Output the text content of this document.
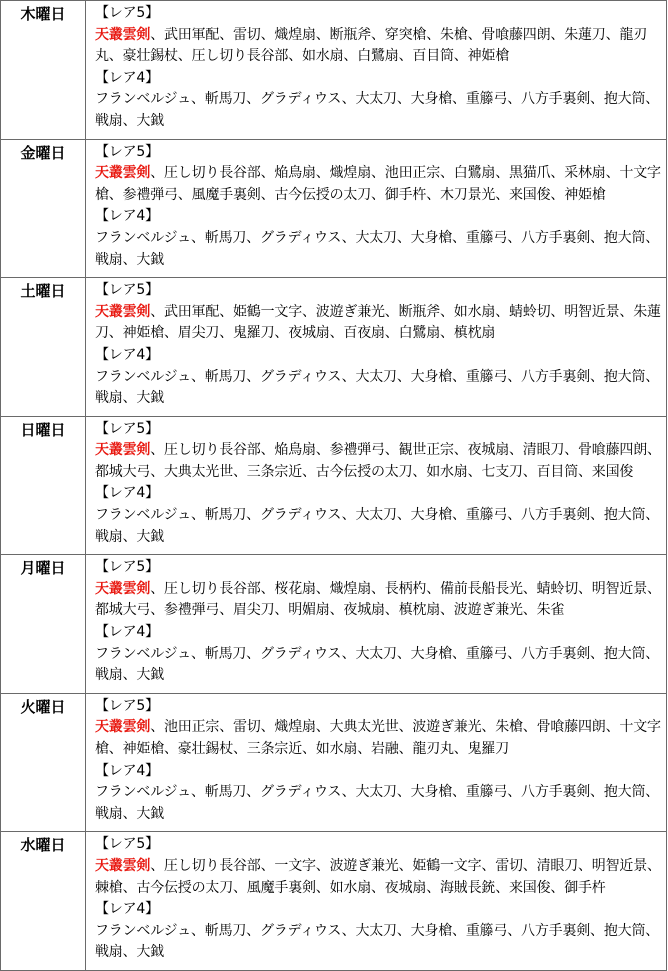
木曜日	【レア5】
天叢雲剣、武田軍配、雷切、熾煌扇、断瓶斧、穿突槍、朱槍、骨喰藤四朗、朱蓮刀、龍刃丸、豪壮錫杖、圧し切り長谷部、如水扇、白鷺扇、百目筒、神姫槍
【レア4】
フランベルジュ、斬馬刀、グラディウス、大太刀、大身槍、重籐弓、八方手裏剣、抱大筒、戦扇、大鉞

金曜日	【レア5】
天叢雲剣、圧し切り長谷部、焔鳥扇、熾煌扇、池田正宗、白鷺扇、黒猫爪、采林扇、十文字槍、参禮弾弓、風魔手裏剣、古今伝授の太刀、御手杵、木刀景光、来国俊、神姫槍
【レア4】
フランベルジュ、斬馬刀、グラディウス、大太刀、大身槍、重籐弓、八方手裏剣、抱大筒、戦扇、大鉞

土曜日	【レア5】
天叢雲剣、武田軍配、姫鶴一文字、波遊ぎ兼光、断瓶斧、如水扇、蜻蛉切、明智近景、朱蓮刀、神姫槍、眉尖刀、鬼羅刀、夜城扇、百夜扇、白鷺扇、槙枕扇
【レア4】
フランベルジュ、斬馬刀、グラディウス、大太刀、大身槍、重籐弓、八方手裏剣、抱大筒、戦扇、大鉞

日曜日	【レア5】
天叢雲剣、圧し切り長谷部、焔鳥扇、参禮弾弓、観世正宗、夜城扇、清眼刀、骨喰藤四朗、都城大弓、大典太光世、三条宗近、古今伝授の太刀、如水扇、七支刀、百目筒、来国俊
【レア4】
フランベルジュ、斬馬刀、グラディウス、大太刀、大身槍、重籐弓、八方手裏剣、抱大筒、戦扇、大鉞

月曜日	【レア5】
天叢雲剣、圧し切り長谷部、桜花扇、熾煌扇、長柄杓、備前長船長光、蜻蛉切、明智近景、都城大弓、参禮弾弓、眉尖刀、明媚扇、夜城扇、槙枕扇、波遊ぎ兼光、朱雀
【レア4】
フランベルジュ、斬馬刀、グラディウス、大太刀、大身槍、重籐弓、八方手裏剣、抱大筒、戦扇、大鉞

火曜日	【レア5】
天叢雲剣、池田正宗、雷切、熾煌扇、大典太光世、波遊ぎ兼光、朱槍、骨喰藤四朗、十文字槍、神姫槍、豪壮錫杖、三条宗近、如水扇、岩融、龍刃丸、鬼羅刀
【レア4】
フランベルジュ、斬馬刀、グラディウス、大太刀、大身槍、重籐弓、八方手裏剣、抱大筒、戦扇、大鉞

水曜日	【レア5】
天叢雲剣、圧し切り長谷部、一文字、波遊ぎ兼光、姫鶴一文字、雷切、清眼刀、明智近景、棘槍、古今伝授の太刀、風魔手裏剣、如水扇、夜城扇、海賊長銃、来国俊、御手杵
【レア4】
フランベルジュ、斬馬刀、グラディウス、大太刀、大身槍、重籐弓、八方手裏剣、抱大筒、戦扇、大鉞
